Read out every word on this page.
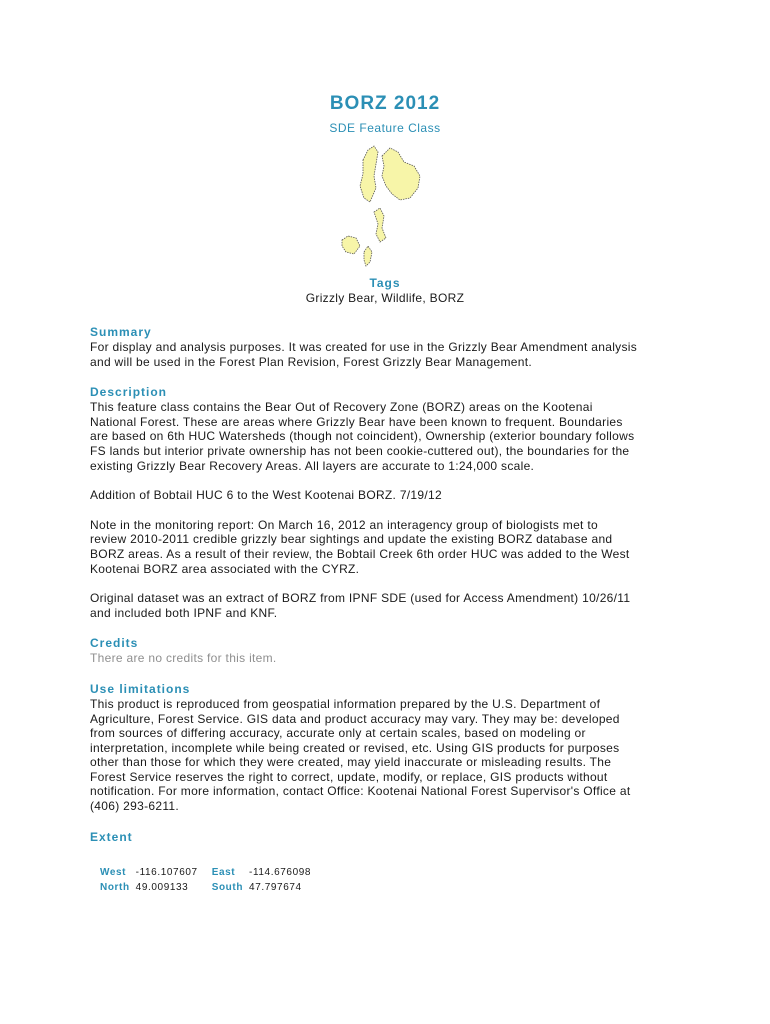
BORZ 2012
SDE Feature Class
Tags
Grizzly Bear, Wildlife, BORZ
Summary
For display and analysis purposes. It was created for use in the Grizzly Bear Amendment analysis
and will be used in the Forest Plan Revision, Forest Grizzly Bear Management.
Description
This feature class contains the Bear Out of Recovery Zone (BORZ) areas on the Kootenai
National Forest. These are areas where Grizzly Bear have been known to frequent. Boundaries
are based on 6th HUC Watersheds (though not coincident), Ownership (exterior boundary follows
FS lands but interior private ownership has not been cookie-cuttered out), the boundaries for the
existing Grizzly Bear Recovery Areas. All layers are accurate to 1:24,000 scale.
Addition of Bobtail HUC 6 to the West Kootenai BORZ. 7/19/12
Note in the monitoring report: On March 16, 2012 an interagency group of biologists met to
review 2010-2011 credible grizzly bear sightings and update the existing BORZ database and
BORZ areas. As a result of their review, the Bobtail Creek 6th order HUC was added to the West
Kootenai BORZ area associated with the CYRZ.
Original dataset was an extract of BORZ from IPNF SDE (used for Access Amendment) 10/26/11
and included both IPNF and KNF.
Credits
There are no credits for this item.
Use limitations
This product is reproduced from geospatial information prepared by the U.S. Department of
Agriculture, Forest Service. GIS data and product accuracy may vary. They may be: developed
from sources of differing accuracy, accurate only at certain scales, based on modeling or
interpretation, incomplete while being created or revised, etc. Using GIS products for purposes
other than those for which they were created, may yield inaccurate or misleading results. The
Forest Service reserves the right to correct, update, modify, or replace, GIS products without
notification. For more information, contact Office: Kootenai National Forest Supervisor's Office at
(406) 293-6211.
Extent
West	-116.107607	East	-114.676098
North	49.009133	South	47.797674
